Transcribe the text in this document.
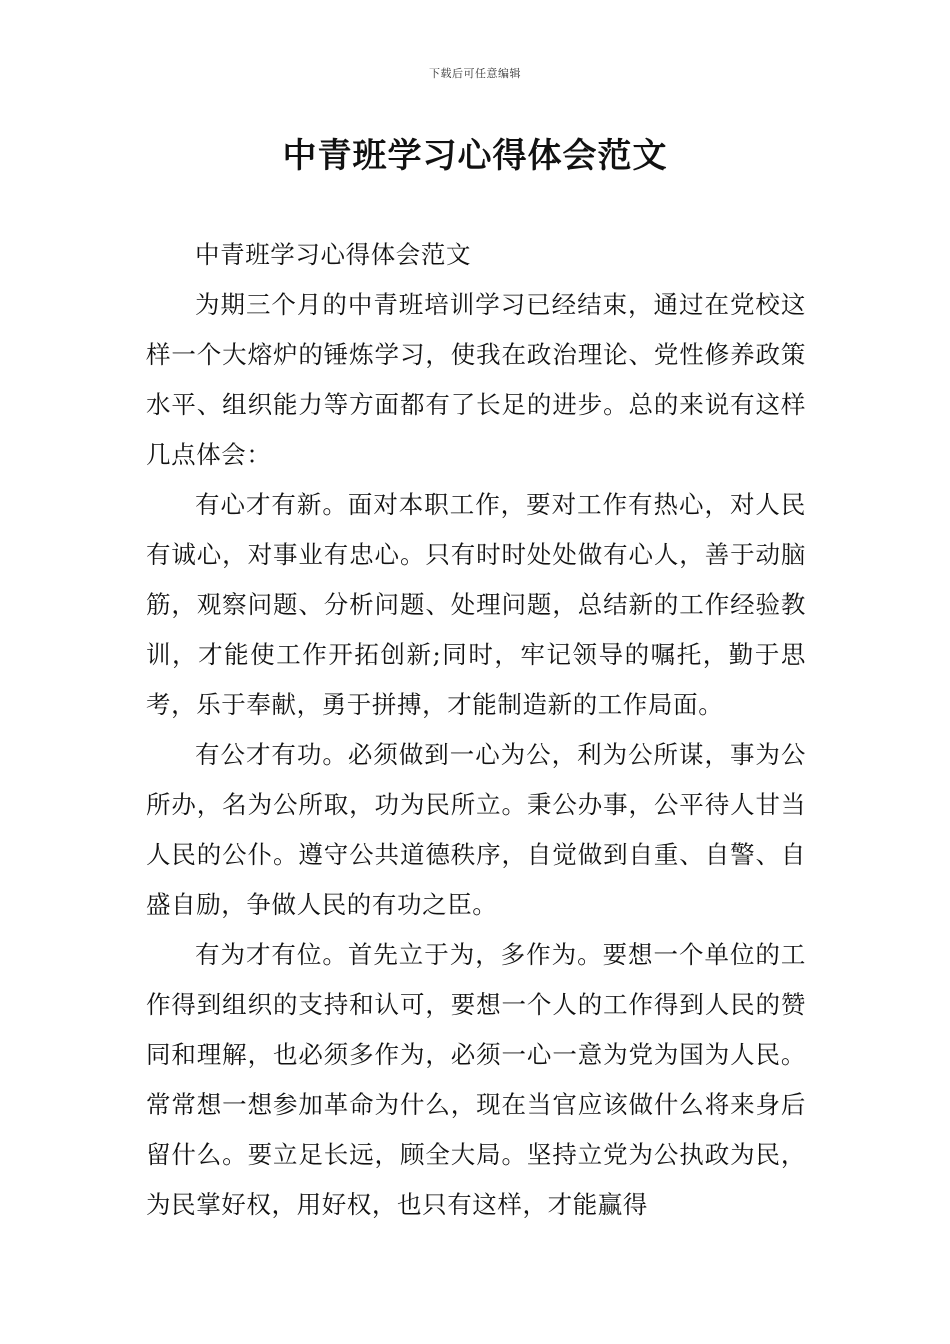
下载后可任意编辑
中青班学习心得体会范文

中青班学习心得体会范文

为期三个月的中青班培训学习已经结束，通过在党校这样一个大熔炉的锤炼学习，使我在政治理论、党性修养政策水平、组织能力等方面都有了长足的进步。总的来说有这样几点体会：

有心才有新。面对本职工作，要对工作有热心，对人民有诚心，对事业有忠心。只有时时处处做有心人，善于动脑筋，观察问题、分析问题、处理问题，总结新的工作经验教训，才能使工作开拓创新;同时，牢记领导的嘱托，勤于思考，乐于奉献，勇于拼搏，才能制造新的工作局面。

有公才有功。必须做到一心为公，利为公所谋，事为公所办，名为公所取，功为民所立。秉公办事，公平待人甘当人民的公仆。遵守公共道德秩序，自觉做到自重、自警、自盛自励，争做人民的有功之臣。

有为才有位。首先立于为，多作为。要想一个单位的工作得到组织的支持和认可，要想一个人的工作得到人民的赞同和理解，也必须多作为，必须一心一意为党为国为人民。常常想一想参加革命为什么，现在当官应该做什么将来身后留什么。要立足长远，顾全大局。坚持立党为公执政为民，为民掌好权，用好权，也只有这样，才能赢得
